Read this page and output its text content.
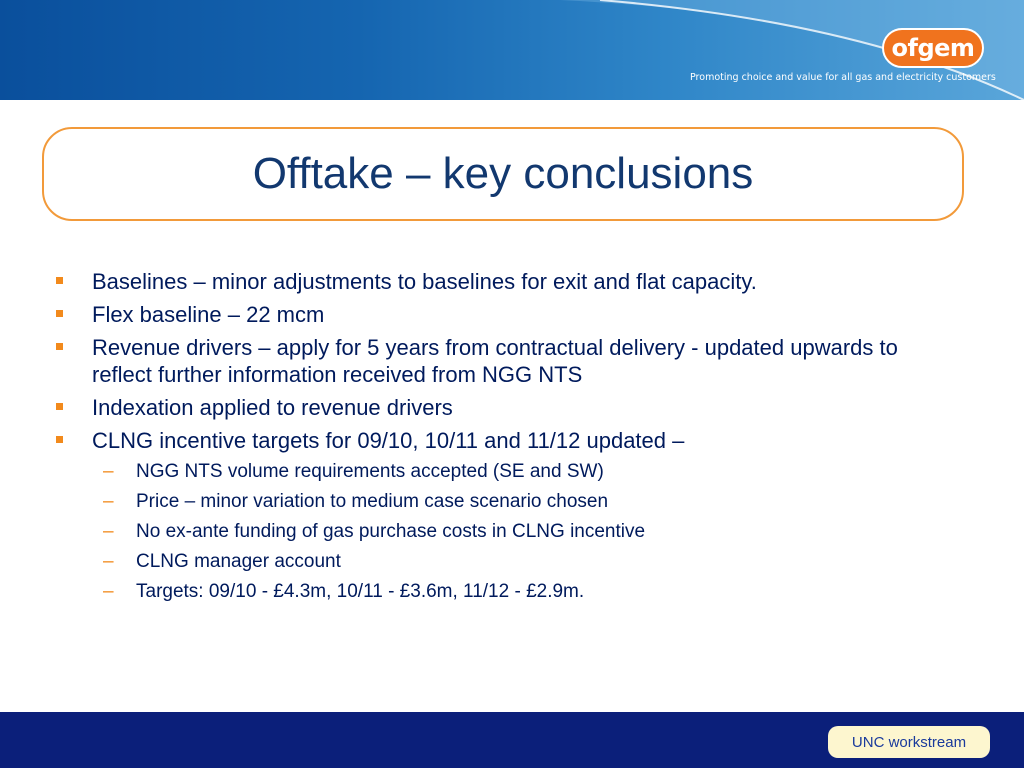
ofgem
Promoting choice and value for all gas and electricity customers
Offtake – key conclusions
Baselines – minor adjustments to baselines for exit and flat capacity.
Flex baseline – 22 mcm
Revenue drivers – apply for 5 years from contractual delivery - updated upwards to reflect further information received from NGG NTS
Indexation applied to revenue drivers
CLNG incentive targets for 09/10, 10/11 and 11/12 updated –
– NGG NTS volume requirements accepted (SE and SW)
– Price – minor variation to medium case scenario chosen
– No ex-ante funding of gas purchase costs in CLNG incentive
– CLNG manager account
– Targets: 09/10 - £4.3m, 10/11 - £3.6m, 11/12 - £2.9m.
UNC workstream
